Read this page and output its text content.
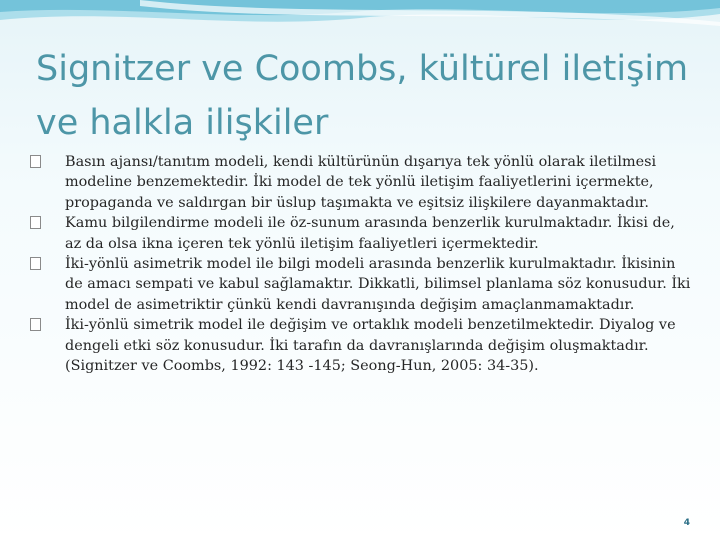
Signitzer ve Coombs, kültürel iletişim ve halkla ilişkiler
Basın ajansı/tanıtım modeli, kendi kültürünün dışarıya tek yönlü olarak iletilmesi modeline benzemektedir. İki model de tek yönlü iletişim faaliyetlerini içermekte, propaganda ve saldırgan bir üslup taşımakta ve eşitsiz ilişkilere dayanmaktadır.
Kamu bilgilendirme modeli ile öz-sunum arasında benzerlik kurulmaktadır. İkisi de, az da olsa ikna içeren tek yönlü iletişim faaliyetleri içermektedir.
İki-yönlü asimetrik model ile bilgi modeli arasında benzerlik kurulmaktadır. İkisinin de amacı sempati ve kabul sağlamaktır. Dikkatli, bilimsel planlama söz konusudur. İki model de asimetriktir çünkü kendi davranışında değişim amaçlanmamaktadır.
İki-yönlü simetrik model ile değişim ve ortaklık modeli benzetilmektedir. Diyalog ve dengeli etki söz konusudur. İki tarafın da davranışlarında değişim oluşmaktadır. (Signitzer ve Coombs, 1992: 143 -145; Seong-Hun, 2005: 34-35).
4
